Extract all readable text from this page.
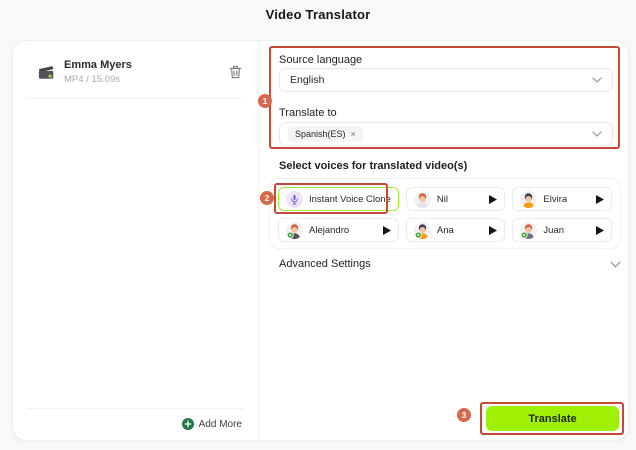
Video Translator
Emma Myers
MP4 / 15.09s
Add More
Source language
English
Translate to
Spanish(ES) ×
Select voices for translated video(s)
Instant Voice Clone	Nil	Elvira
Alejandro	Ana	Juan
Advanced Settings
Translate
1
2
3
